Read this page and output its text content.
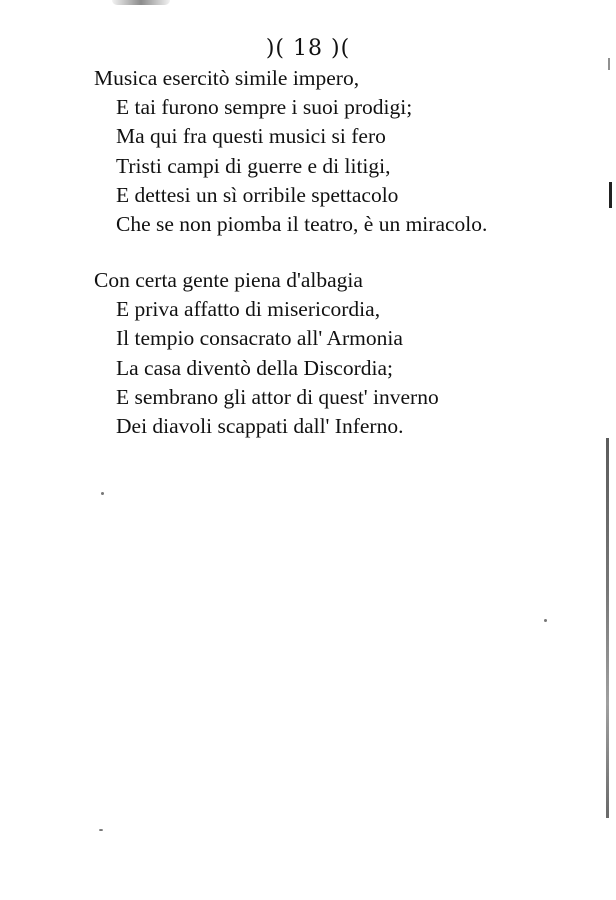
)( 18 )(
Musica esercitò simile impero,
E tai furono sempre i suoi prodigi;
Ma qui fra questi musici si fero
Tristi campi di guerre e di litigi,
E dettesi un sì orribile spettacolo
Che se non piomba il teatro, è un miracolo.
Con certa gente piena d'albagia
E priva affatto di misericordia,
Il tempio consacrato all' Armonia
La casa diventò della Discordia;
E sembrano gli attor di quest' inverno
Dei diavoli scappati dall' Inferno.
